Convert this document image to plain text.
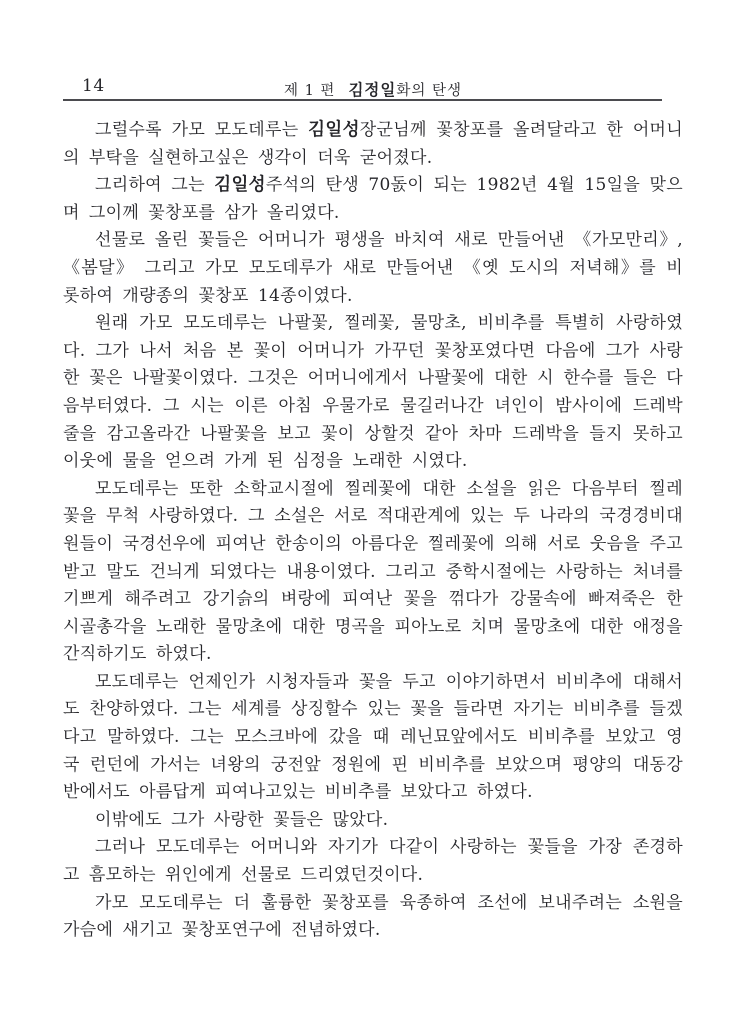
14	제 1 편 김정일화의 탄생

그럴수록 가모 모도데루는 김일성장군님께 꽃창포를 올려달라고 한 어머니의 부탁을 실현하고싶은 생각이 더욱 굳어졌다.

그리하여 그는 김일성주석의 탄생 70돐이 되는 1982년 4월 15일을 맞으며 그이께 꽃창포를 삼가 올리였다.

선물로 올린 꽃들은 어머니가 평생을 바치여 새로 만들어낸 《가모만리》, 《봄달》 그리고 가모 모도데루가 새로 만들어낸 《옛 도시의 저녁해》를 비롯하여 개량종의 꽃창포 14종이였다.

원래 가모 모도데루는 나팔꽃, 찔레꽃, 물망초, 비비추를 특별히 사랑하였다. 그가 나서 처음 본 꽃이 어머니가 가꾸던 꽃창포였다면 다음에 그가 사랑한 꽃은 나팔꽃이였다. 그것은 어머니에게서 나팔꽃에 대한 시 한수를 들은 다음부터였다. 그 시는 이른 아침 우물가로 물길러나간 녀인이 밤사이에 드레박줄을 감고올라간 나팔꽃을 보고 꽃이 상할것 같아 차마 드레박을 들지 못하고 이웃에 물을 얻으려 가게 된 심정을 노래한 시였다.

모도데루는 또한 소학교시절에 찔레꽃에 대한 소설을 읽은 다음부터 찔레꽃을 무척 사랑하였다. 그 소설은 서로 적대관계에 있는 두 나라의 국경경비대원들이 국경선우에 피여난 한송이의 아름다운 찔레꽃에 의해 서로 웃음을 주고받고 말도 건늬게 되였다는 내용이였다. 그리고 중학시절에는 사랑하는 처녀를 기쁘게 해주려고 강기슭의 벼랑에 피여난 꽃을 꺾다가 강물속에 빠져죽은 한 시골총각을 노래한 물망초에 대한 명곡을 피아노로 치며 물망초에 대한 애정을 간직하기도 하였다.

모도데루는 언제인가 시청자들과 꽃을 두고 이야기하면서 비비추에 대해서도 찬양하였다. 그는 세계를 상징할수 있는 꽃을 들라면 자기는 비비추를 들겠다고 말하였다. 그는 모스크바에 갔을 때 레닌묘앞에서도 비비추를 보았고 영국 런던에 가서는 녀왕의 궁전앞 정원에 핀 비비추를 보았으며 평양의 대동강반에서도 아름답게 피여나고있는 비비추를 보았다고 하였다.

이밖에도 그가 사랑한 꽃들은 많았다.

그러나 모도데루는 어머니와 자기가 다같이 사랑하는 꽃들을 가장 존경하고 흠모하는 위인에게 선물로 드리였던것이다.

가모 모도데루는 더 훌륭한 꽃창포를 육종하여 조선에 보내주려는 소원을 가슴에 새기고 꽃창포연구에 전념하였다.
